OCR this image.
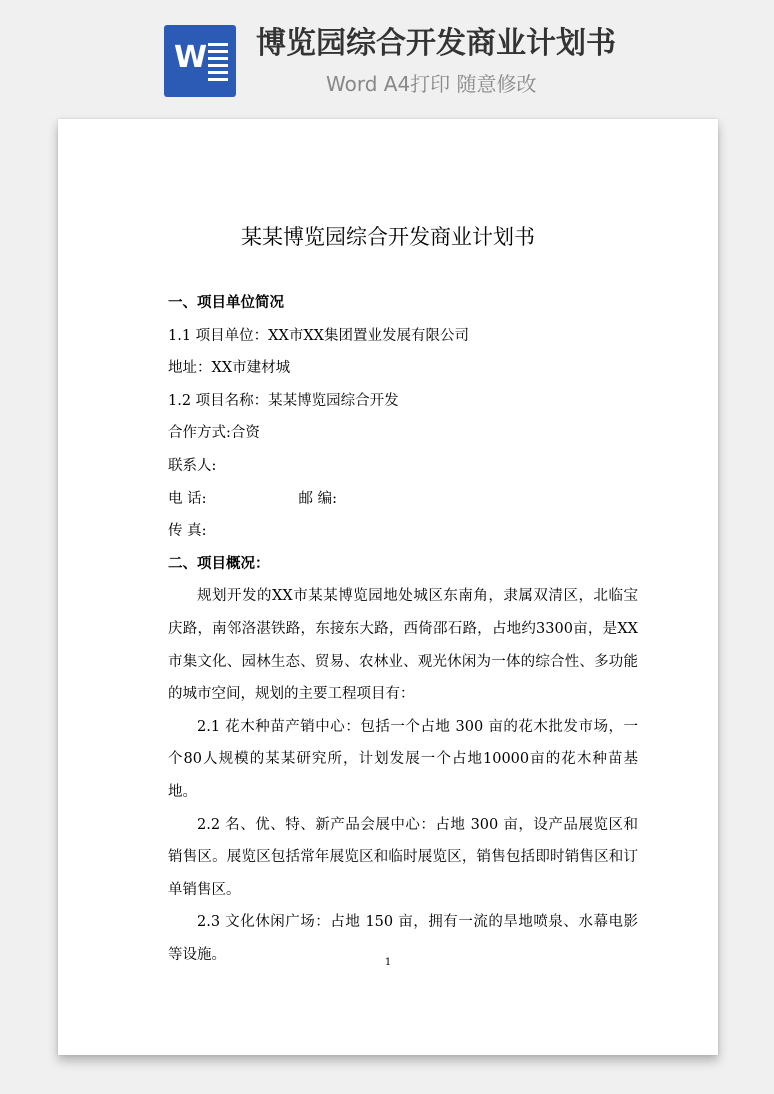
W 博览园综合开发商业计划书
Word A4打印 随意修改
某某博览园综合开发商业计划书
一、项目单位简况
1.1 项目单位：XX市XX集团置业发展有限公司
地址：XX市建材城
1.2 项目名称：某某博览园综合开发
合作方式:合资
联系人:
电 话:	邮 编:
传 真:
二、项目概况：
规划开发的XX市某某博览园地处城区东南角，隶属双清区，北临宝庆路，南邻洛湛铁路，东接东大路，西倚邵石路，占地约3300亩，是XX市集文化、园林生态、贸易、农林业、观光休闲为一体的综合性、多功能的城市空间，规划的主要工程项目有：
2.1 花木种苗产销中心：包括一个占地 300 亩的花木批发市场，一个80人规模的某某研究所，计划发展一个占地10000亩的花木种苗基地。
2.2 名、优、特、新产品会展中心：占地 300 亩，设产品展览区和销售区。展览区包括常年展览区和临时展览区，销售包括即时销售区和订单销售区。
2.3 文化休闲广场：占地 150 亩，拥有一流的旱地喷泉、水幕电影等设施。	1
